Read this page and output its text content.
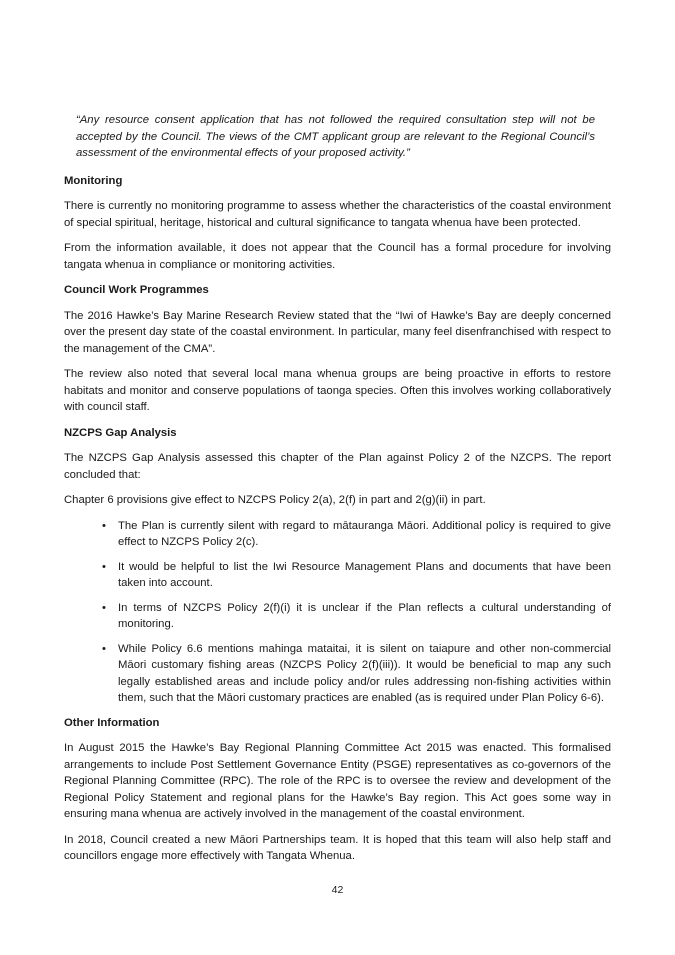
“Any resource consent application that has not followed the required consultation step will not be accepted by the Council. The views of the CMT applicant group are relevant to the Regional Council’s assessment of the environmental effects of your proposed activity.”

Monitoring

There is currently no monitoring programme to assess whether the characteristics of the coastal environment of special spiritual, heritage, historical and cultural significance to tangata whenua have been protected.

From the information available, it does not appear that the Council has a formal procedure for involving tangata whenua in compliance or monitoring activities.

Council Work Programmes

The 2016 Hawke’s Bay Marine Research Review stated that the “Iwi of Hawke’s Bay are deeply concerned over the present day state of the coastal environment. In particular, many feel disenfranchised with respect to the management of the CMA”.

The review also noted that several local mana whenua groups are being proactive in efforts to restore habitats and monitor and conserve populations of taonga species. Often this involves working collaboratively with council staff.

NZCPS Gap Analysis

The NZCPS Gap Analysis assessed this chapter of the Plan against Policy 2 of the NZCPS. The report concluded that:

Chapter 6 provisions give effect to NZCPS Policy 2(a), 2(f) in part and 2(g)(ii) in part.

• The Plan is currently silent with regard to mātauranga Māori. Additional policy is required to give effect to NZCPS Policy 2(c).
• It would be helpful to list the Iwi Resource Management Plans and documents that have been taken into account.
• In terms of NZCPS Policy 2(f)(i) it is unclear if the Plan reflects a cultural understanding of monitoring.
• While Policy 6.6 mentions mahinga mataitai, it is silent on taiapure and other non-commercial Māori customary fishing areas (NZCPS Policy 2(f)(iii)). It would be beneficial to map any such legally established areas and include policy and/or rules addressing non-fishing activities within them, such that the Māori customary practices are enabled (as is required under Plan Policy 6-6).
Other Information

In August 2015 the Hawke’s Bay Regional Planning Committee Act 2015 was enacted. This formalised arrangements to include Post Settlement Governance Entity (PSGE) representatives as co-governors of the Regional Planning Committee (RPC). The role of the RPC is to oversee the review and development of the Regional Policy Statement and regional plans for the Hawke’s Bay region. This Act goes some way in ensuring mana whenua are actively involved in the management of the coastal environment.

In 2018, Council created a new Māori Partnerships team. It is hoped that this team will also help staff and councillors engage more effectively with Tangata Whenua.

42
